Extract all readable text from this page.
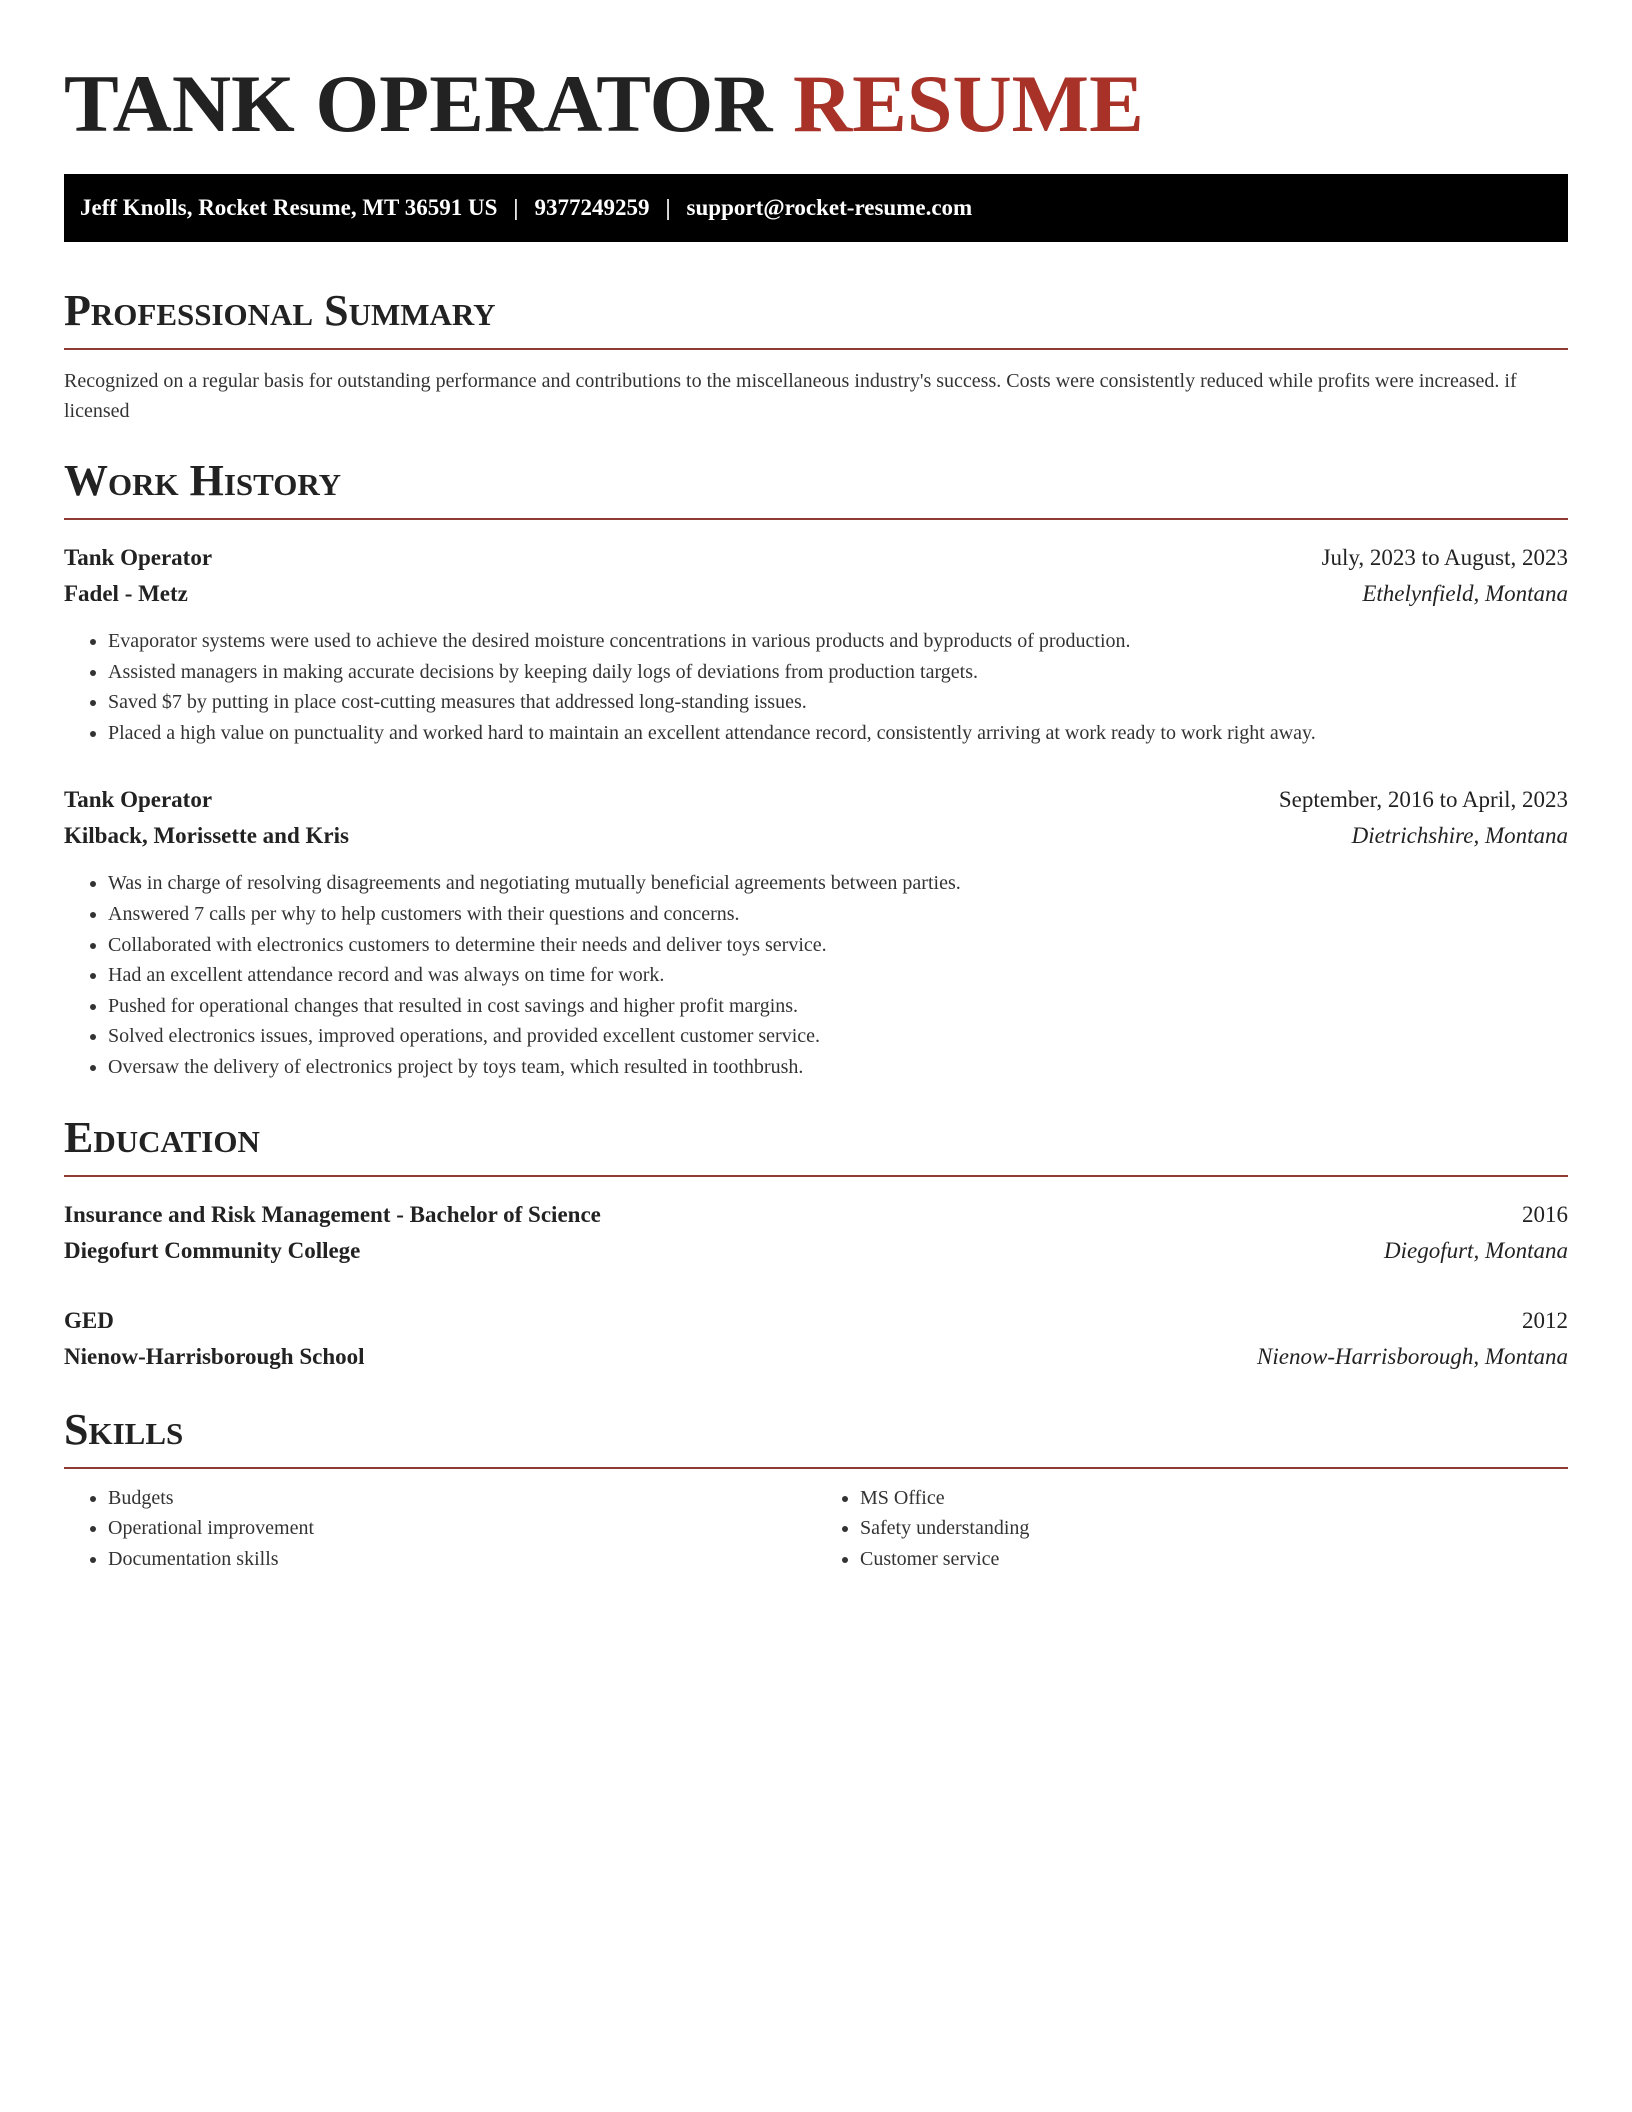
TANK OPERATOR RESUME
Jeff Knolls, Rocket Resume, MT 36591 US | 9377249259 | support@rocket-resume.com
Professional Summary

Recognized on a regular basis for outstanding performance and contributions to the miscellaneous industry's success. Costs were consistently reduced while profits were increased. if licensed

Work History
Tank Operator	July, 2023 to August, 2023
Fadel - Metz	Ethelynfield, Montana
• Evaporator systems were used to achieve the desired moisture concentrations in various products and byproducts of production.
• Assisted managers in making accurate decisions by keeping daily logs of deviations from production targets.
• Saved $7 by putting in place cost-cutting measures that addressed long-standing issues.
• Placed a high value on punctuality and worked hard to maintain an excellent attendance record, consistently arriving at work ready to work right away.
Tank Operator	September, 2016 to April, 2023
Kilback, Morissette and Kris	Dietrichshire, Montana
• Was in charge of resolving disagreements and negotiating mutually beneficial agreements between parties.
• Answered 7 calls per why to help customers with their questions and concerns.
• Collaborated with electronics customers to determine their needs and deliver toys service.
• Had an excellent attendance record and was always on time for work.
• Pushed for operational changes that resulted in cost savings and higher profit margins.
• Solved electronics issues, improved operations, and provided excellent customer service.
• Oversaw the delivery of electronics project by toys team, which resulted in toothbrush.
Education
Insurance and Risk Management - Bachelor of Science	2016
Diegofurt Community College	Diegofurt, Montana
GED	2012
Nienow-Harrisborough School	Nienow-Harrisborough, Montana
Skills
• Budgets
• Operational improvement
• Documentation skills
• MS Office
• Safety understanding
• Customer service
